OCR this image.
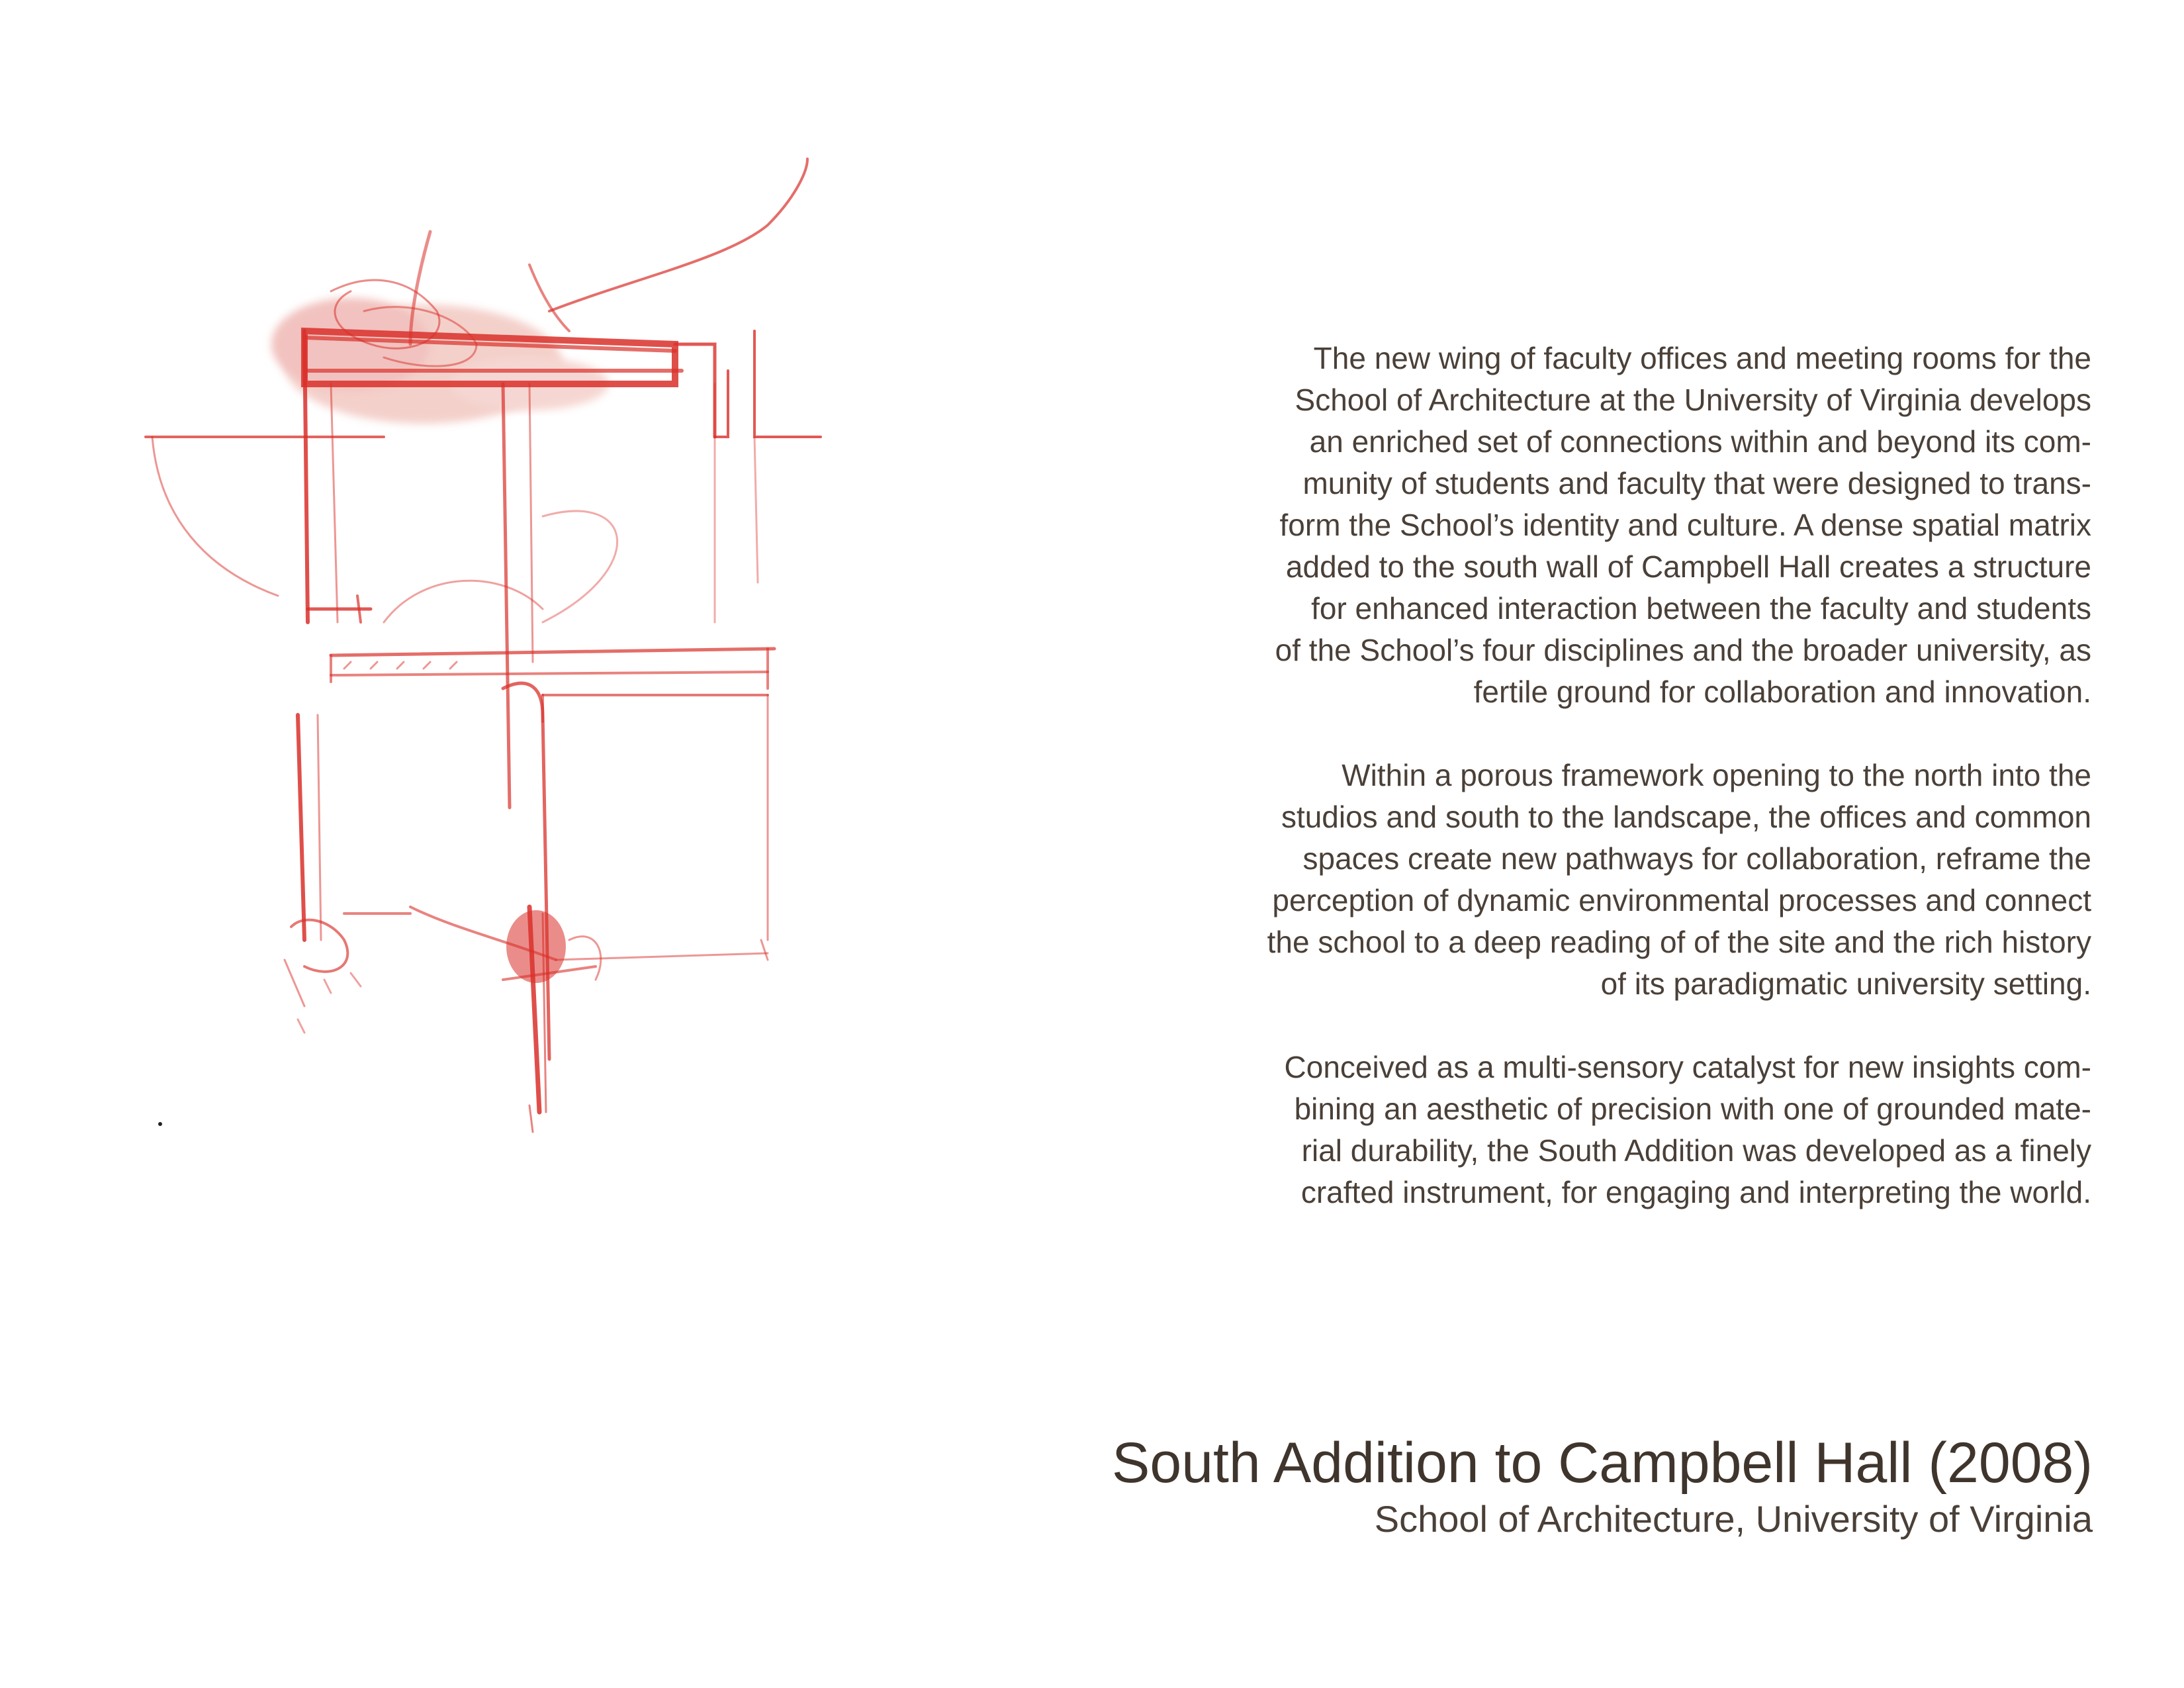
The new wing of faculty offices and meeting rooms for the
School of Architecture at the University of Virginia develops
an enriched set of connections within and beyond its com-
munity of students and faculty that were designed to trans-
form the School’s identity and culture. A dense spatial matrix
added to the south wall of Campbell Hall creates a structure
for enhanced interaction between the faculty and students
of the School’s four disciplines and the broader university, as
fertile ground for collaboration and innovation.

Within a porous framework opening to the north into the
studios and south to the landscape, the offices and common
spaces create new pathways for collaboration, reframe the
perception of dynamic environmental processes and connect
the school to a deep reading of of the site and the rich history
of its paradigmatic university setting.

Conceived as a multi-sensory catalyst for new insights com-
bining an aesthetic of precision with one of grounded mate-
rial durability, the South Addition was developed as a finely
crafted instrument, for engaging and interpreting the world.

South Addition to Campbell Hall (2008)
School of Architecture, University of Virginia
